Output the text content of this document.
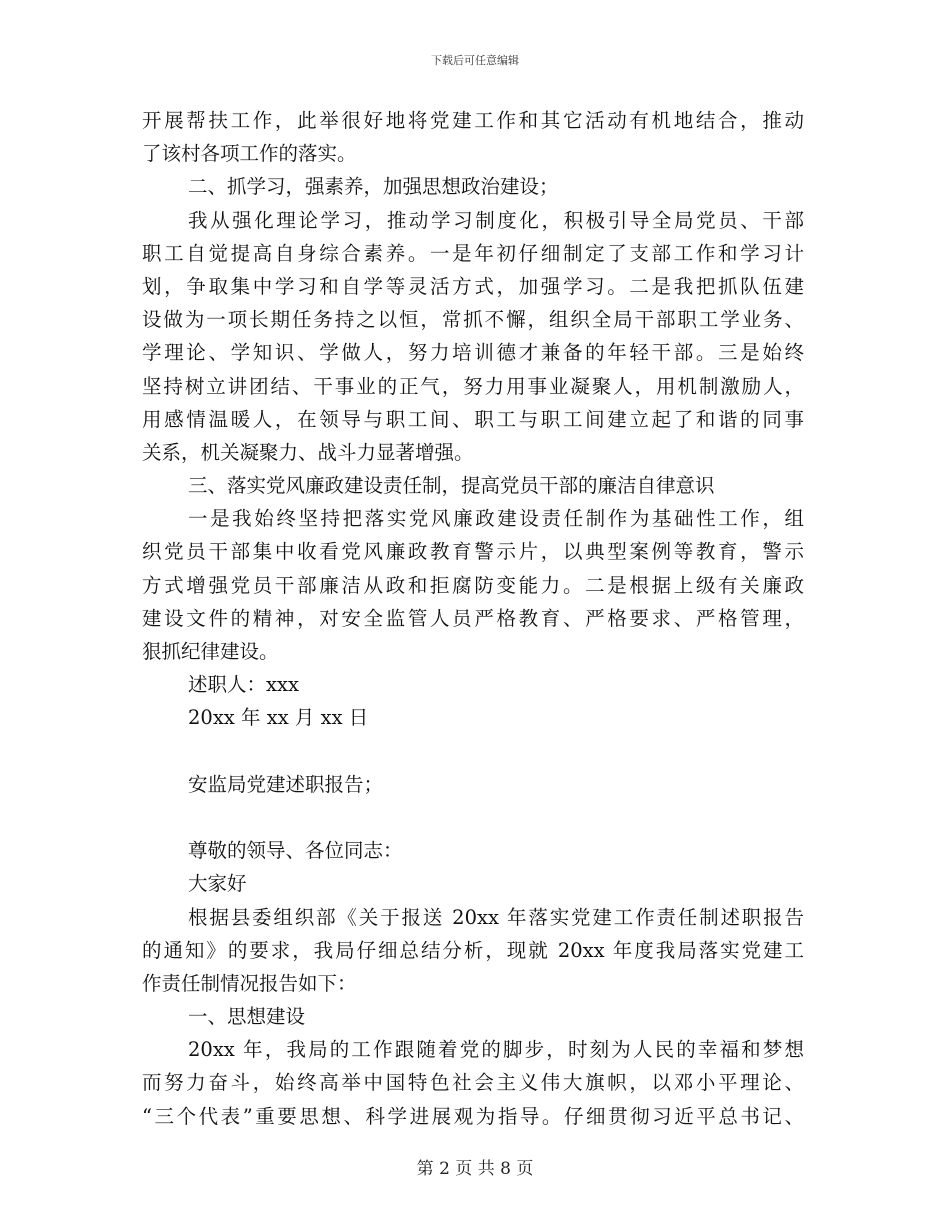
下载后可任意编辑
开展帮扶工作，此举很好地将党建工作和其它活动有机地结合，推动
了该村各项工作的落实。
二、抓学习，强素养，加强思想政治建设；
我从强化理论学习，推动学习制度化，积极引导全局党员、干部
职工自觉提高自身综合素养。一是年初仔细制定了支部工作和学习计
划，争取集中学习和自学等灵活方式，加强学习。二是我把抓队伍建
设做为一项长期任务持之以恒，常抓不懈，组织全局干部职工学业务、
学理论、学知识、学做人，努力培训德才兼备的年轻干部。三是始终
坚持树立讲团结、干事业的正气，努力用事业凝聚人，用机制激励人，
用感情温暖人，在领导与职工间、职工与职工间建立起了和谐的同事
关系，机关凝聚力、战斗力显著增强。
三、落实党风廉政建设责任制，提高党员干部的廉洁自律意识
一是我始终坚持把落实党风廉政建设责任制作为基础性工作，组
织党员干部集中收看党风廉政教育警示片，以典型案例等教育，警示
方式增强党员干部廉洁从政和拒腐防变能力。二是根据上级有关廉政
建设文件的精神，对安全监管人员严格教育、严格要求、严格管理，
狠抓纪律建设。
述职人：xxx
20xx 年 xx 月 xx 日
安监局党建述职报告；
尊敬的领导、各位同志：
大家好
根据县委组织部《关于报送 20xx 年落实党建工作责任制述职报告
的通知》的要求，我局仔细总结分析，现就 20xx 年度我局落实党建工
作责任制情况报告如下：
一、思想建设
20xx 年，我局的工作跟随着党的脚步，时刻为人民的幸福和梦想
而努力奋斗，始终高举中国特色社会主义伟大旗帜，以邓小平理论、
“三个代表”重要思想、科学进展观为指导。仔细贯彻习近平总书记、
第 2 页 共 8 页
